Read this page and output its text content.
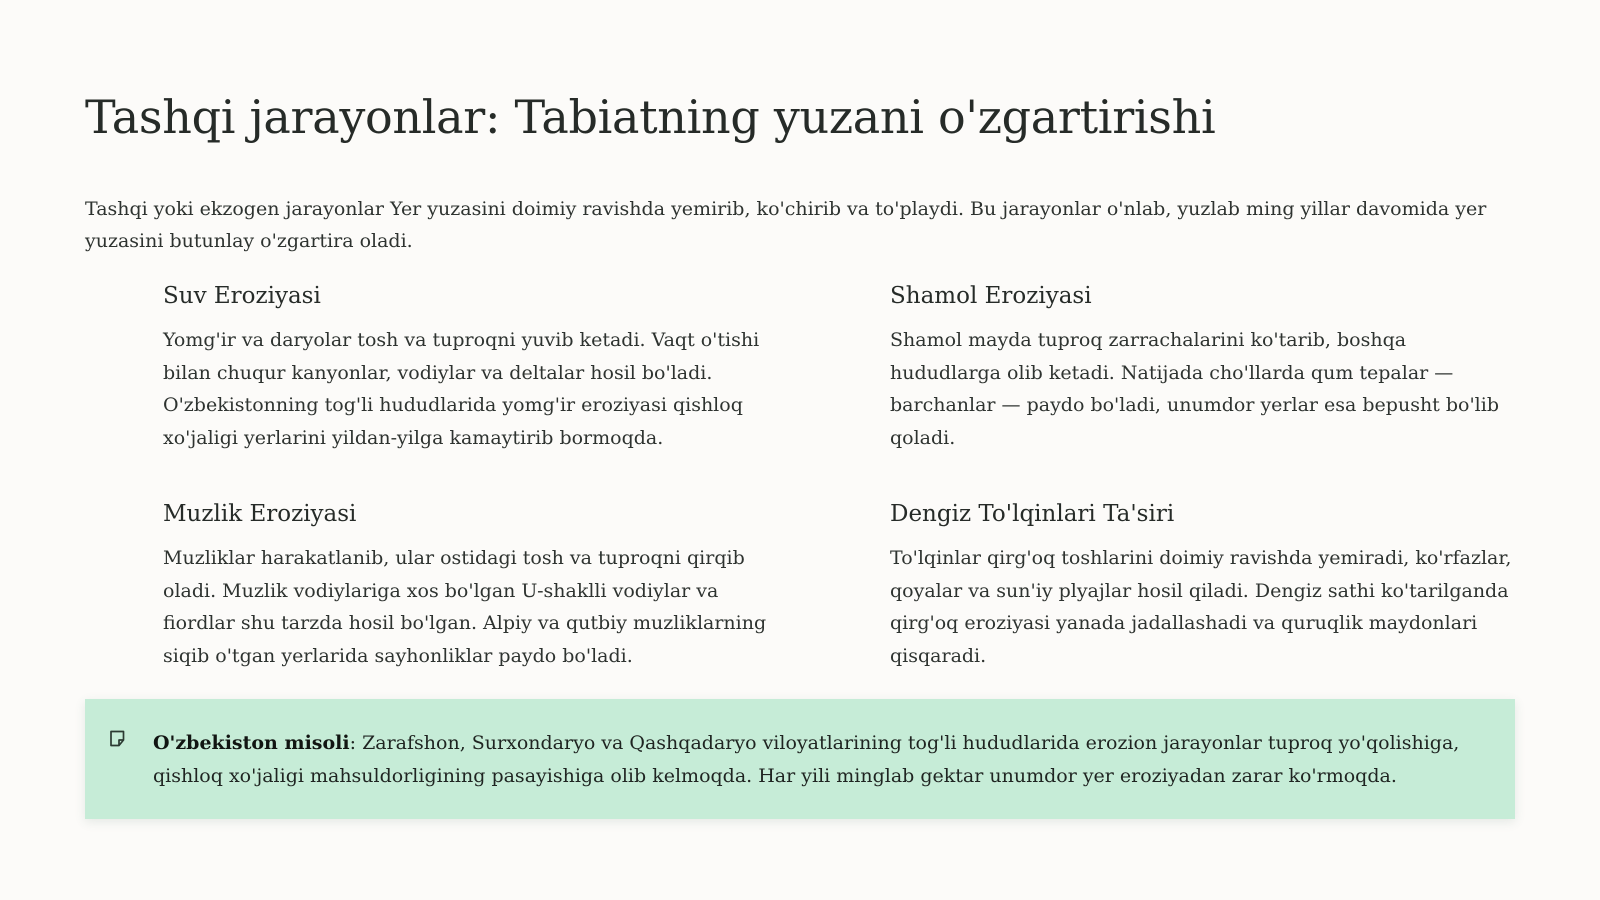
Tashqi jarayonlar: Tabiatning yuzani o'zgartirishi

Tashqi yoki ekzogen jarayonlar Yer yuzasini doimiy ravishda yemirib, ko'chirib va to'playdi. Bu jarayonlar o'nlab, yuzlab ming yillar davomida yer yuzasini butunlay o'zgartira oladi.

Suv Eroziyasi

Yomg'ir va daryolar tosh va tuproqni yuvib ketadi. Vaqt o'tishi bilan chuqur kanyonlar, vodiylar va deltalar hosil bo'ladi. O'zbekistonning tog'li hududlarida yomg'ir eroziyasi qishloq xo'jaligi yerlarini yildan-yilga kamaytirib bormoqda.

Shamol Eroziyasi

Shamol mayda tuproq zarrachalarini ko'tarib, boshqa hududlarga olib ketadi. Natijada cho'llarda qum tepalar — barchanlar — paydo bo'ladi, unumdor yerlar esa bepusht bo'lib qoladi.

Muzlik Eroziyasi

Muzliklar harakatlanib, ular ostidagi tosh va tuproqni qirqib oladi. Muzlik vodiylariga xos bo'lgan U-shaklli vodiylar va fiordlar shu tarzda hosil bo'lgan. Alpiy va qutbiy muzliklarning siqib o'tgan yerlarida sayhonliklar paydo bo'ladi.

Dengiz To'lqinlari Ta'siri

To'lqinlar qirg'oq toshlarini doimiy ravishda yemiradi, ko'rfazlar, qoyalar va sun'iy plyajlar hosil qiladi. Dengiz sathi ko'tarilganda qirg'oq eroziyasi yanada jadallashadi va quruqlik maydonlari qisqaradi.

O'zbekiston misoli: Zarafshon, Surxondaryo va Qashqadaryo viloyatlarining tog'li hududlarida erozion jarayonlar tuproq yo'qolishiga, qishloq xo'jaligi mahsuldorligining pasayishiga olib kelmoqda. Har yili minglab gektar unumdor yer eroziyadan zarar ko'rmoqda.
